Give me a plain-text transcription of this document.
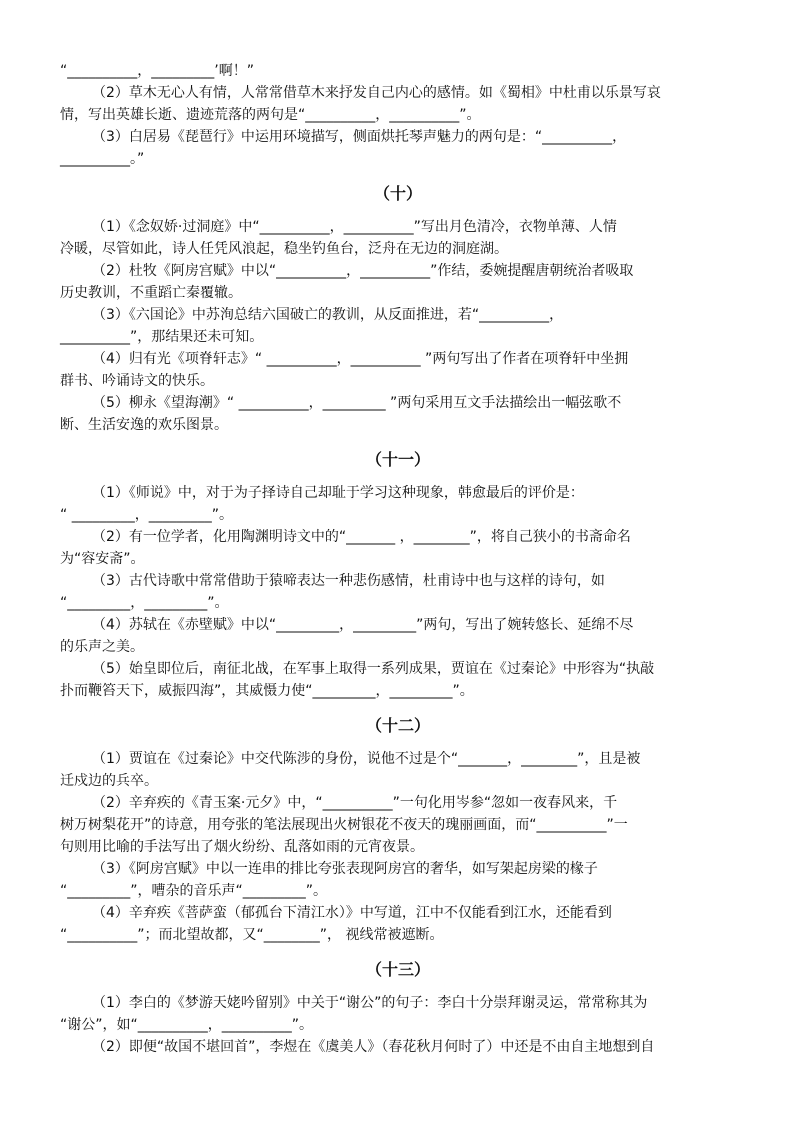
“__________，_________’啊！”
（2）草木无心人有情，人常常借草木来抒发自己内心的感情。如《蜀相》中杜甫以乐景写哀
情，写出英雄长逝、遗迹荒落的两句是“__________，__________”。
（3）白居易《琵琶行》中运用环境描写，侧面烘托琴声魅力的两句是：“__________，
__________。”
（十）
（1）《念奴娇·过洞庭》中“__________，__________”写出月色清冷，衣物单薄、人情
冷暖，尽管如此，诗人任凭风浪起，稳坐钓鱼台，泛舟在无边的洞庭湖。
（2）杜牧《阿房宫赋》中以“__________，__________”作结，委婉提醒唐朝统治者吸取
历史教训，不重蹈亡秦覆辙。
（3）《六国论》中苏洵总结六国破亡的教训，从反面推进，若“__________，
__________”，那结果还未可知。
（4）归有光《项脊轩志》“ __________，__________ ”两句写出了作者在项脊轩中坐拥
群书、吟诵诗文的快乐。
（5）柳永《望海潮》“ __________，_________ ”两句采用互文手法描绘出一幅弦歌不
断、生活安逸的欢乐图景。
（十一）
（1）《师说》中，对于为子择诗自己却耻于学习这种现象，韩愈最后的评价是：
“ _________，_________”。
（2）有一位学者，化用陶渊明诗文中的“_______ ，________”，将自己狭小的书斋命名
为“容安斋”。
（3）古代诗歌中常常借助于猿啼表达一种悲伤感情，杜甫诗中也与这样的诗句，如
“_________，_________”。
（4）苏轼在《赤壁赋》中以“_________，_________”两句，写出了婉转悠长、延绵不尽
的乐声之美。
（5）始皇即位后，南征北战，在军事上取得一系列成果，贾谊在《过秦论》中形容为“执敲
扑而鞭笞天下，威振四海”，其威慑力使“_________，_________”。
（十二）
（1）贾谊在《过秦论》中交代陈涉的身份，说他不过是个“_______，________”，且是被
迁戍边的兵卒。
（2）辛弃疾的《青玉案·元夕》中，“__________”一句化用岑参“忽如一夜春风来，千
树万树梨花开”的诗意，用夸张的笔法展现出火树银花不夜天的瑰丽画面，而“__________”一
句则用比喻的手法写出了烟火纷纷、乱落如雨的元宵夜景。
（3）《阿房宫赋》中以一连串的排比夸张表现阿房宫的奢华，如写架起房梁的椽子
“_________”，嘈杂的音乐声“_________”。
（4）辛弃疾《菩萨蛮（郁孤台下清江水）》中写道，江中不仅能看到江水，还能看到
“__________”；而北望故都，又“________”， 视线常被遮断。
（十三）
（1）李白的《梦游天姥吟留别》中关于“谢公”的句子：李白十分崇拜谢灵运，常常称其为
“谢公”，如“__________，__________”。
（2）即便“故国不堪回首”，李煜在《虞美人》（春花秋月何时了）中还是不由自主地想到自
